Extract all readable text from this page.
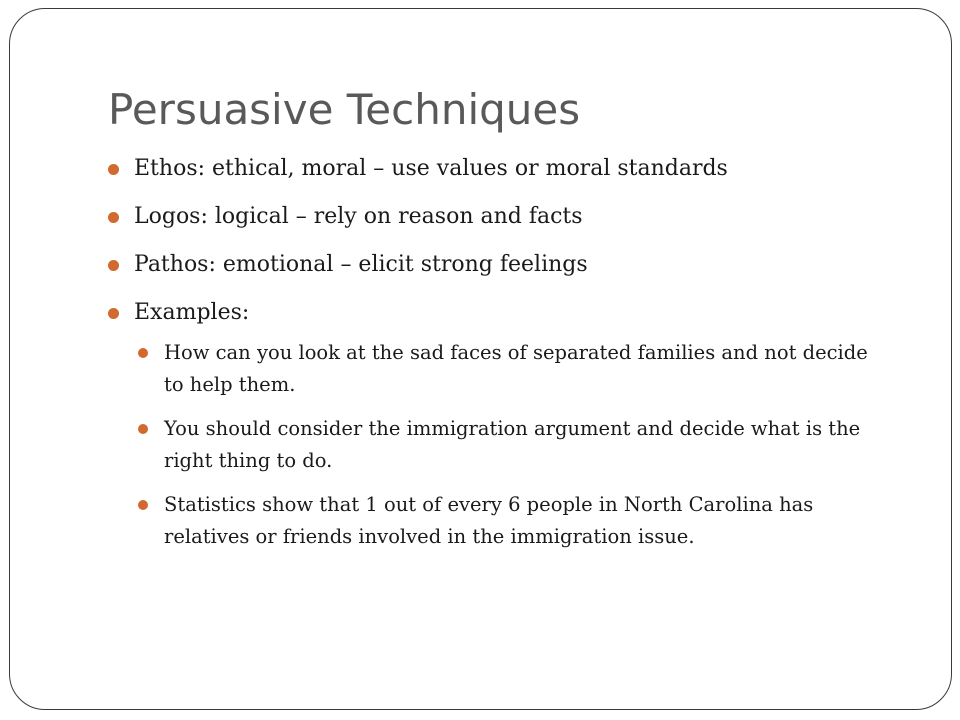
Persuasive Techniques
Ethos: ethical, moral – use values or moral standards
Logos: logical – rely on reason and facts
Pathos: emotional – elicit strong feelings
Examples:
How can you look at the sad faces of separated families and not decide to help them.
You should consider the immigration argument and decide what is the right thing to do.
Statistics show that 1 out of every 6 people in North Carolina has relatives or friends involved in the immigration issue.
